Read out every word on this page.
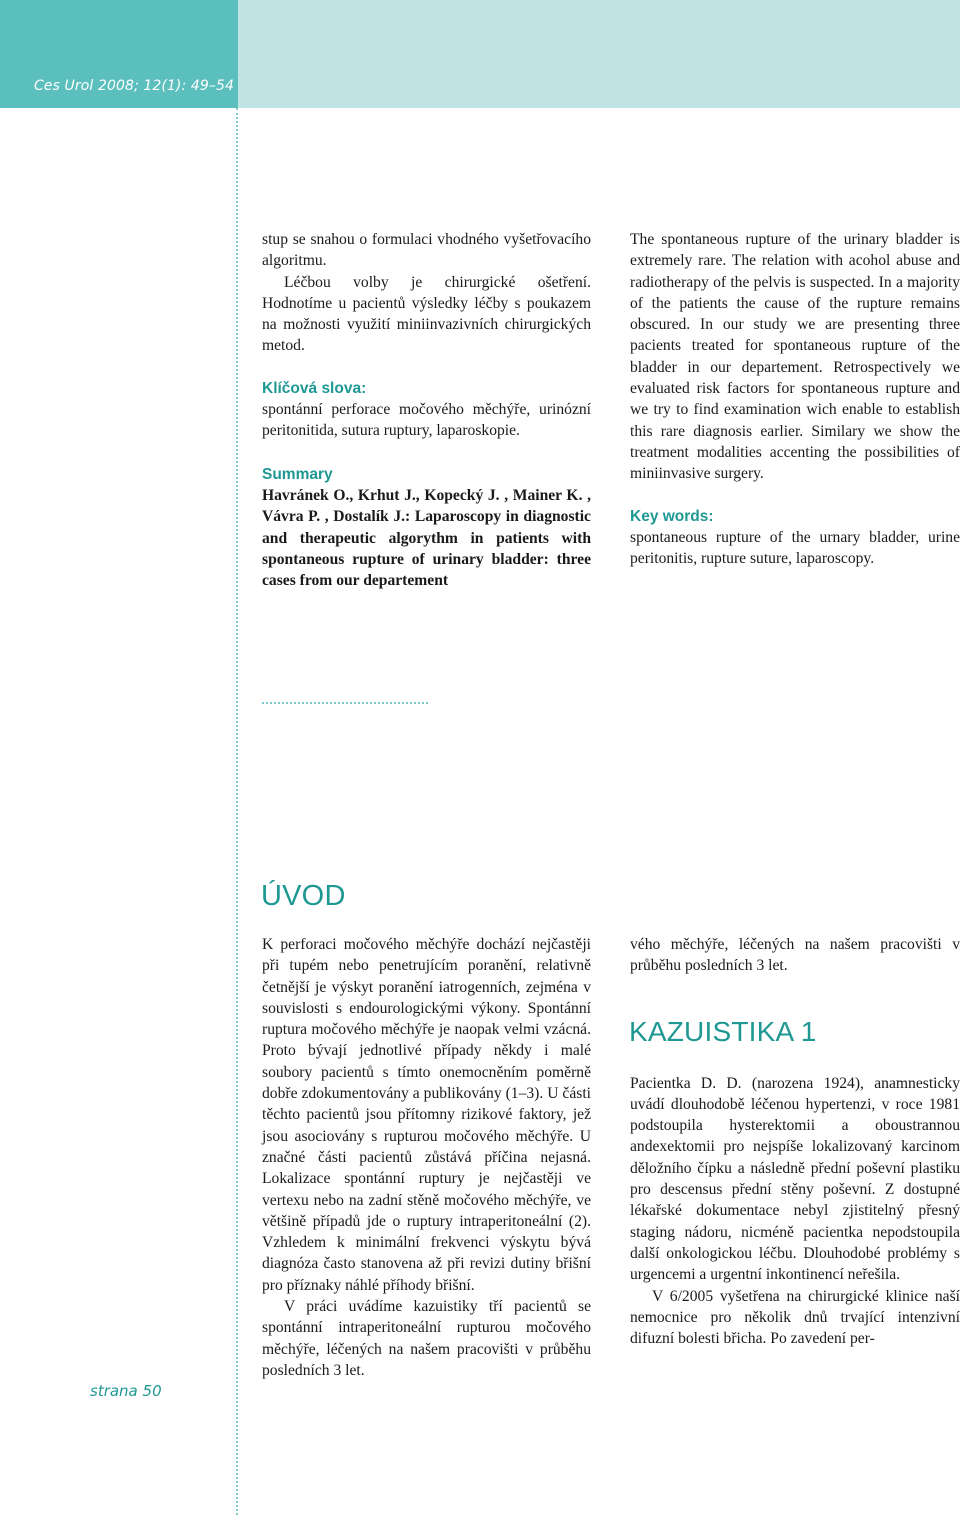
Ces Urol 2008; 12(1): 49–54

stup se snahou o formulaci vhodného vyšetřovacího algoritmu.

Léčbou volby je chirurgické ošetření. Hodnotíme u pacientů výsledky léčby s poukazem na možnosti využití miniinvazivních chirurgických metod.

Klíčová slova:

spontánní perforace močového měchýře, urinózní peritonitida, sutura ruptury, laparoskopie.

Summary

Havránek O., Krhut J., Kopecký J. , Mainer K. , Vávra P. , Dostalík J.: Laparoscopy in diagnostic and therapeutic algorythm in patients with spontaneous rupture of urinary bladder: three cases from our departement

The spontaneous rupture of the urinary bladder is extremely rare. The relation with acohol abuse and radiotherapy of the pelvis is suspected. In a majority of the patients the cause of the rupture remains obscured. In our study we are presenting three pacients treated for spontaneous rupture of the bladder in our departement. Retrospectively we evaluated risk factors for spontaneous rupture and we try to find examination wich enable to establish this rare diagnosis earlier. Similary we show the treatment modalities accenting the possibilities of miniinvasive surgery.

Key words:

spontaneous rupture of the urnary bladder, urine peritonitis, rupture suture, laparoscopy.

ÚVOD

K perforaci močového měchýře dochází nejčastěji při tupém nebo penetrujícím poranění, relativně četnější je výskyt poranění iatrogenních, zejména v souvislosti s endourologickými výkony. Spontánní ruptura močového měchýře je naopak velmi vzácná. Proto bývají jednotlivé případy někdy i malé soubory pacientů s tímto onemocněním poměrně dobře zdokumentovány a publikovány (1–3). U části těchto pacientů jsou přítomny rizikové faktory, jež jsou asociovány s rupturou močového měchýře. U značné části pacientů zůstává příčina nejasná. Lokalizace spontánní ruptury je nejčastěji ve vertexu nebo na zadní stěně močového měchýře, ve většině případů jde o ruptury intraperitoneální (2). Vzhledem k minimální frekvenci výskytu bývá diagnóza často stanovena až při revizi dutiny břišní pro příznaky náhlé příhody břišní.

V práci uvádíme kazuistiky tří pacientů se spontánní intraperitoneální rupturou močového měchýře, léčených na našem pracovišti v průběhu posledních 3 let.

vého měchýře, léčených na našem pracovišti v průběhu posledních 3 let.

KAZUISTIKA 1

Pacientka D. D. (narozena 1924), anamnesticky uvádí dlouhodobě léčenou hypertenzi, v roce 1981 podstoupila hysterektomii a oboustrannou andexektomii pro nejspíše lokalizovaný karcinom děložního čípku a následně přední poševní plastiku pro descensus přední stěny poševní. Z dostupné lékařské dokumentace nebyl zjistitelný přesný staging nádoru, nicméně pacientka nepodstoupila další onkologickou léčbu. Dlouhodobé problémy s urgencemi a urgentní inkontinencí neřešila.

V 6/2005 vyšetřena na chirurgické klinice naší nemocnice pro několik dnů trvající intenzivní difuzní bolesti břicha. Po zavedení per-

strana 50
